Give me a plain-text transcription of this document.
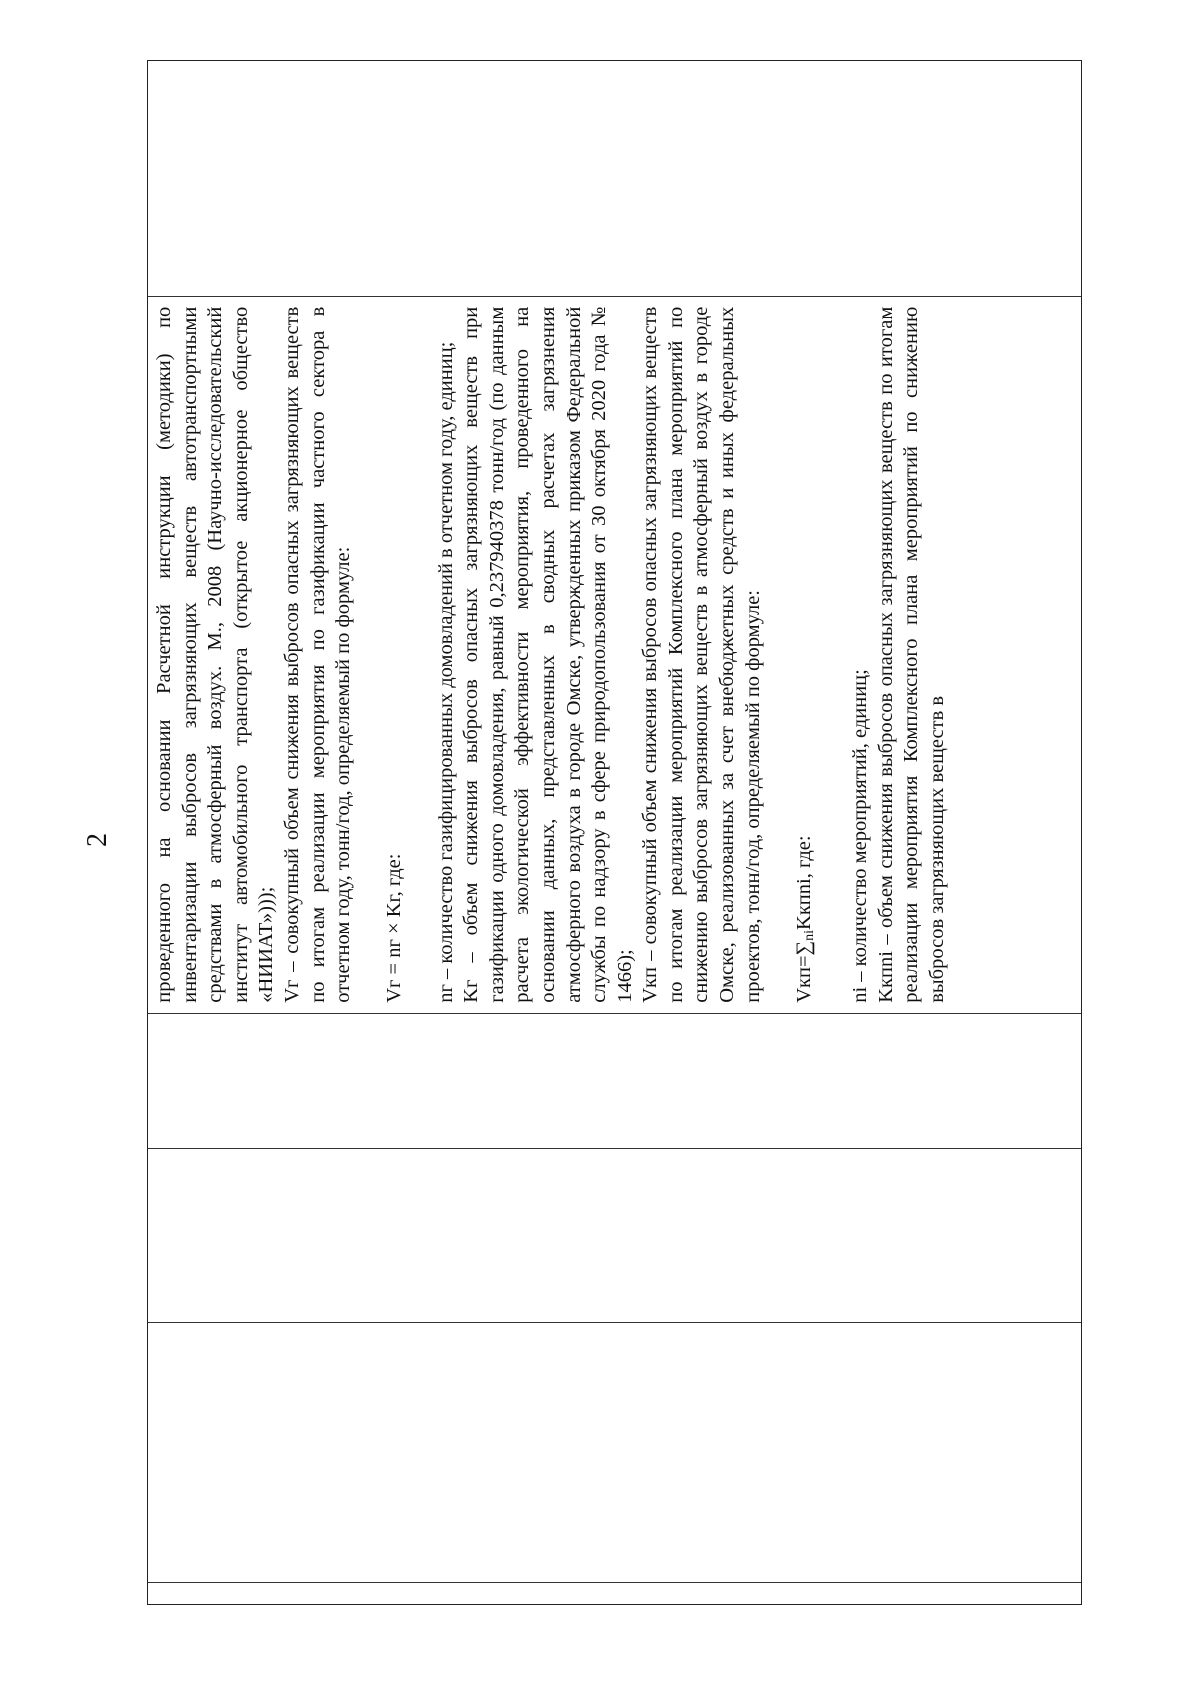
2 проведенного на основании Расчетной инструкции (методики) по инвентаризации выбросов загрязняющих веществ автотранспортными средствами в атмосферный воздух. М., 2008 (Научно-исследовательский институт автомобильного транспорта (открытое акционерное общество «НИИАТ»))); Vг – совокупный объем снижения выбросов опасных загрязняющих веществ по итогам реализации мероприятия по газификации частного сектора в отчетном году, тонн/год, определяемый по формуле: Vг = nг × Kг, где: nг – количество газифицированных домовладений в отчетном году, единиц; Kг – объем снижения выбросов опасных загрязняющих веществ при газификации одного домовладения, равный 0,237940378 тонн/год (по данным расчета экологической эффективности мероприятия, проведенного на основании данных, представленных в сводных расчетах загрязнения атмосферного воздуха в городе Омске, утвержденных приказом Федеральной службы по надзору в сфере природопользования от 30 октября 2020 года № 1466); Vкп – совокупный объем снижения выбросов опасных загрязняющих веществ по итогам реализации мероприятий Комплексного плана мероприятий по снижению выбросов загрязняющих веществ в атмосферный воздух в городе Омске, реализованных за счет внебюджетных средств и иных федеральных проектов, тонн/год, определяемый по формуле: $Vкп=\sum_{ni}Kкпni$, где:	ni – количество мероприятий, единиц; Kкпni – объем снижения выбросов опасных загрязняющих веществ по итогам реализации мероприятия Комплексного плана мероприятий по снижению выбросов загрязняющих веществ в
